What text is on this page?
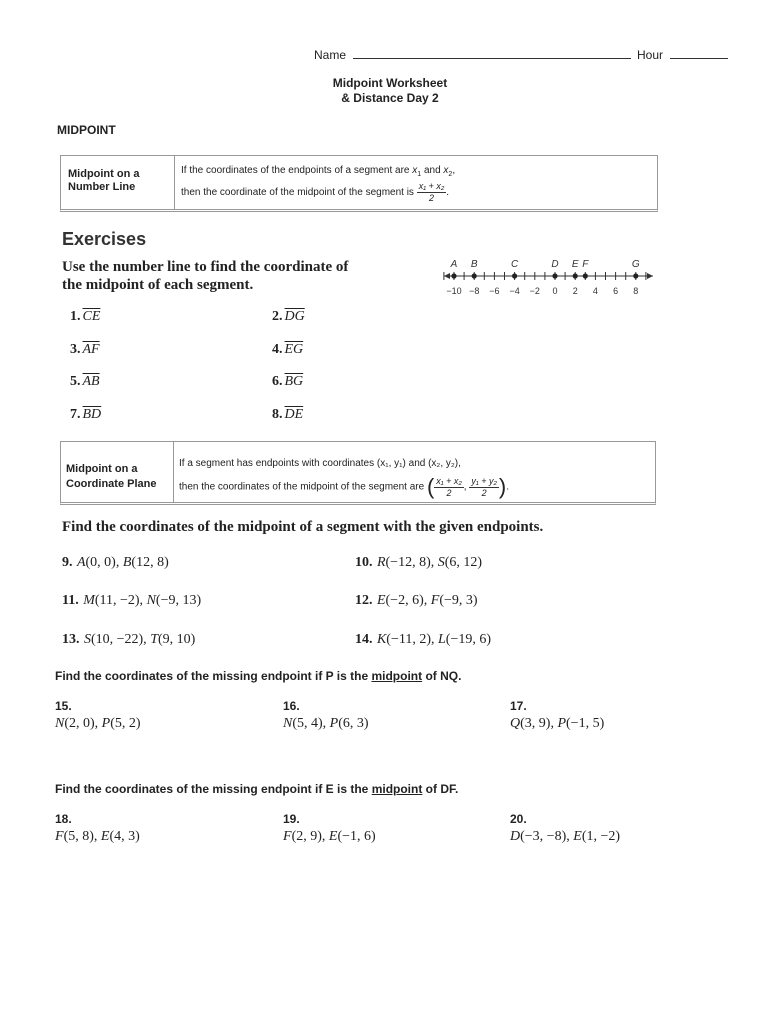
Name	Hour
Midpoint Worksheet
& Distance Day 2
MIDPOINT
Midpoint on a
Number Line
If the coordinates of the endpoints of a segment are $x_1$ and $x_2$,
then the coordinate of the midpoint of the segment is $\frac{\text{x₁ + x₂}}{2}$ .
Exercises
Use the number line to find the coordinate of
the midpoint of each segment.	−10 −8 −6 −4 −2 0 2 4 6 8
A B	C	D E F	G
1. $\overline{CE}$	2. $\overline{DG}$
3. $\overline{AF}$	4. $\overline{EG}$
5. $\overline{AB}$	6. $\overline{BG}$
7. $\overline{BD}$	8. $\overline{DE}$
Midpoint on a
Coordinate Plane
If a segment has endpoints with coordinates (x₁, y₁) and (x₂, y₂),
then the coordinates of the midpoint of the segment are ( $\frac{\text{x₁ + x₂}}{2}$ , $\frac{\text{y₁ + y₂}}{2}$ ).
Find the coordinates of the midpoint of a segment with the given endpoints.
9. A(0, 0), B(12, 8)	10. R(−12, 8), S(6, 12)
11. M(11, −2), N(−9, 13)	12. E(−2, 6), F(−9, 3)
13. S(10, −22), T(9, 10)	14. K(−11, 2), L(−19, 6)
Find the coordinates of the missing endpoint if P is the midpoint of NQ.
15.
N(2, 0), P(5, 2)
16.
N(5, 4), P(6, 3)
17.
Q(3, 9), P(−1, 5)
Find the coordinates of the missing endpoint if E is the midpoint of DF.
18.
F(5, 8), E(4, 3)
19.
F(2, 9), E(−1, 6)
20.
D(−3, −8), E(1, −2)
